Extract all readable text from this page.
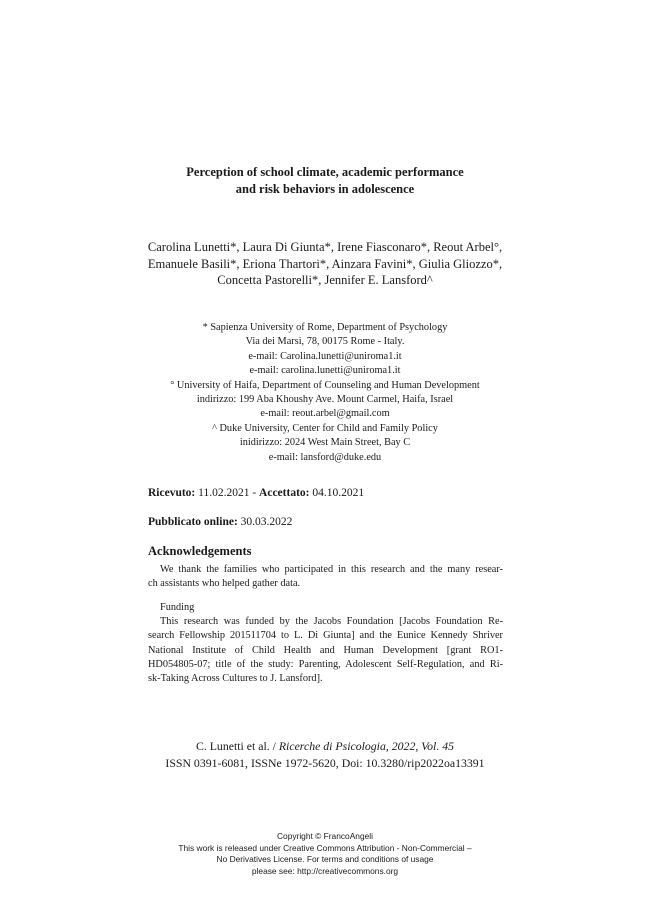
Perception of school climate, academic performance
and risk behaviors in adolescence
Carolina Lunetti*, Laura Di Giunta*, Irene Fiasconaro*, Reout Arbel°,
Emanuele Basili*, Eriona Thartori*, Ainzara Favini*, Giulia Gliozzo*,
Concetta Pastorelli*, Jennifer E. Lansford^
* Sapienza University of Rome, Department of Psychology
Via dei Marsi, 78, 00175 Rome - Italy.
e-mail: Carolina.lunetti@uniroma1.it
e-mail: carolina.lunetti@uniroma1.it
° University of Haifa, Department of Counseling and Human Development
indirizzo: 199 Aba Khoushy Ave. Mount Carmel, Haifa, Israel
e-mail: reout.arbel@gmail.com
^ Duke University, Center for Child and Family Policy
inidirizzo: 2024 West Main Street, Bay C
e-mail: lansford@duke.edu
Ricevuto: 11.02.2021 - Accettato: 04.10.2021
Pubblicato online: 30.03.2022
Acknowledgements
We thank the families who participated in this research and the many resear-
ch assistants who helped gather data.
Funding
This research was funded by the Jacobs Foundation [Jacobs Foundation Re-
search Fellowship 201511704 to L. Di Giunta] and the Eunice Kennedy Shriver
National Institute of Child Health and Human Development [grant RO1-
HD054805-07; title of the study: Parenting, Adolescent Self-Regulation, and Ri-
sk-Taking Across Cultures to J. Lansford].
C. Lunetti et al. / Ricerche di Psicologia, 2022, Vol. 45
ISSN 0391-6081, ISSNe 1972-5620, Doi: 10.3280/rip2022oa13391
Copyright © FrancoAngeli
This work is released under Creative Commons Attribution - Non-Commercial –
No Derivatives License. For terms and conditions of usage
please see: http://creativecommons.org
